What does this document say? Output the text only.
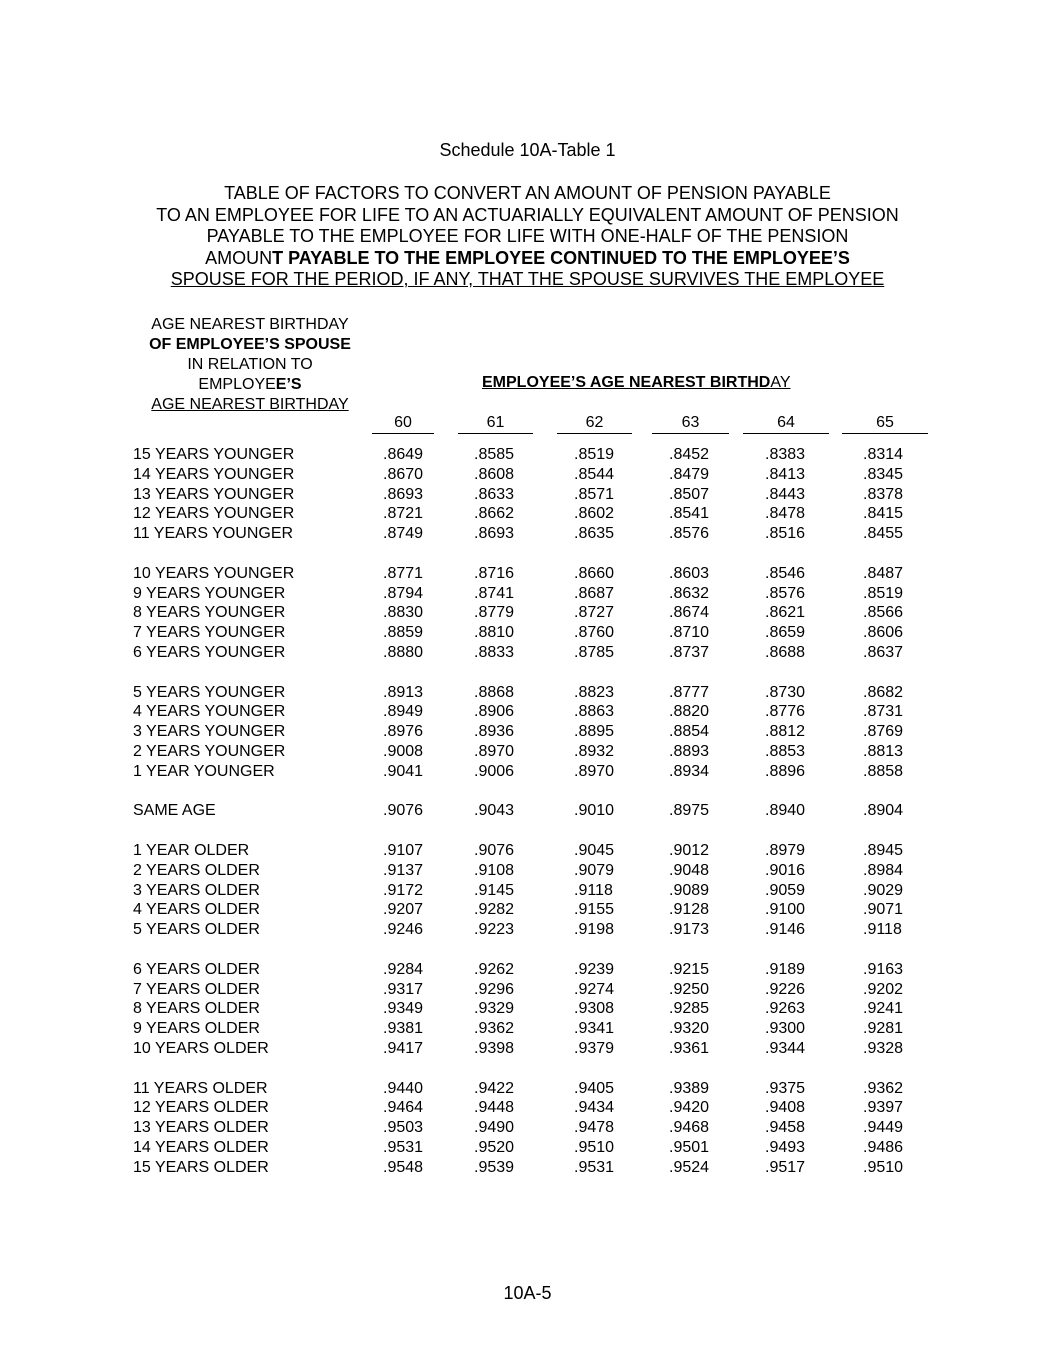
Schedule 10A-Table 1
TABLE OF FACTORS TO CONVERT AN AMOUNT OF PENSION PAYABLE
TO AN EMPLOYEE FOR LIFE TO AN ACTUARIALLY EQUIVALENT AMOUNT OF PENSION
PAYABLE TO THE EMPLOYEE FOR LIFE WITH ONE-HALF OF THE PENSION
AMOUNT PAYABLE TO THE EMPLOYEE CONTINUED TO THE EMPLOYEE’S
SPOUSE FOR THE PERIOD, IF ANY, THAT THE SPOUSE SURVIVES THE EMPLOYEE
AGE NEAREST BIRTHDAY
OF EMPLOYEE’S SPOUSE
IN RELATION TO
EMPLOYEE’S
AGE NEAREST BIRTHDAY
EMPLOYEE’S AGE NEAREST BIRTHDAY
60	61	62	63	64	65
15 YEARS YOUNGER	.8649	.8585	.8519	.8452	.8383	.8314
14 YEARS YOUNGER	.8670	.8608	.8544	.8479	.8413	.8345
13 YEARS YOUNGER	.8693	.8633	.8571	.8507	.8443	.8378
12 YEARS YOUNGER	.8721	.8662	.8602	.8541	.8478	.8415
11 YEARS YOUNGER	.8749	.8693	.8635	.8576	.8516	.8455
10 YEARS YOUNGER	.8771	.8716	.8660	.8603	.8546	.8487
9 YEARS YOUNGER	.8794	.8741	.8687	.8632	.8576	.8519
8 YEARS YOUNGER	.8830	.8779	.8727	.8674	.8621	.8566
7 YEARS YOUNGER	.8859	.8810	.8760	.8710	.8659	.8606
6 YEARS YOUNGER	.8880	.8833	.8785	.8737	.8688	.8637
5 YEARS YOUNGER	.8913	.8868	.8823	.8777	.8730	.8682
4 YEARS YOUNGER	.8949	.8906	.8863	.8820	.8776	.8731
3 YEARS YOUNGER	.8976	.8936	.8895	.8854	.8812	.8769
2 YEARS YOUNGER	.9008	.8970	.8932	.8893	.8853	.8813
1 YEAR YOUNGER	.9041	.9006	.8970	.8934	.8896	.8858
SAME AGE	.9076	.9043	.9010	.8975	.8940	.8904
1 YEAR OLDER	.9107	.9076	.9045	.9012	.8979	.8945
2 YEARS OLDER	.9137	.9108	.9079	.9048	.9016	.8984
3 YEARS OLDER	.9172	.9145	.9118	.9089	.9059	.9029
4 YEARS OLDER	.9207	.9282	.9155	.9128	.9100	.9071
5 YEARS OLDER	.9246	.9223	.9198	.9173	.9146	.9118
6 YEARS OLDER	.9284	.9262	.9239	.9215	.9189	.9163
7 YEARS OLDER	.9317	.9296	.9274	.9250	.9226	.9202
8 YEARS OLDER	.9349	.9329	.9308	.9285	.9263	.9241
9 YEARS OLDER	.9381	.9362	.9341	.9320	.9300	.9281
10 YEARS OLDER	.9417	.9398	.9379	.9361	.9344	.9328
11 YEARS OLDER	.9440	.9422	.9405	.9389	.9375	.9362
12 YEARS OLDER	.9464	.9448	.9434	.9420	.9408	.9397
13 YEARS OLDER	.9503	.9490	.9478	.9468	.9458	.9449
14 YEARS OLDER	.9531	.9520	.9510	.9501	.9493	.9486
15 YEARS OLDER	.9548	.9539	.9531	.9524	.9517	.9510
10A-5
